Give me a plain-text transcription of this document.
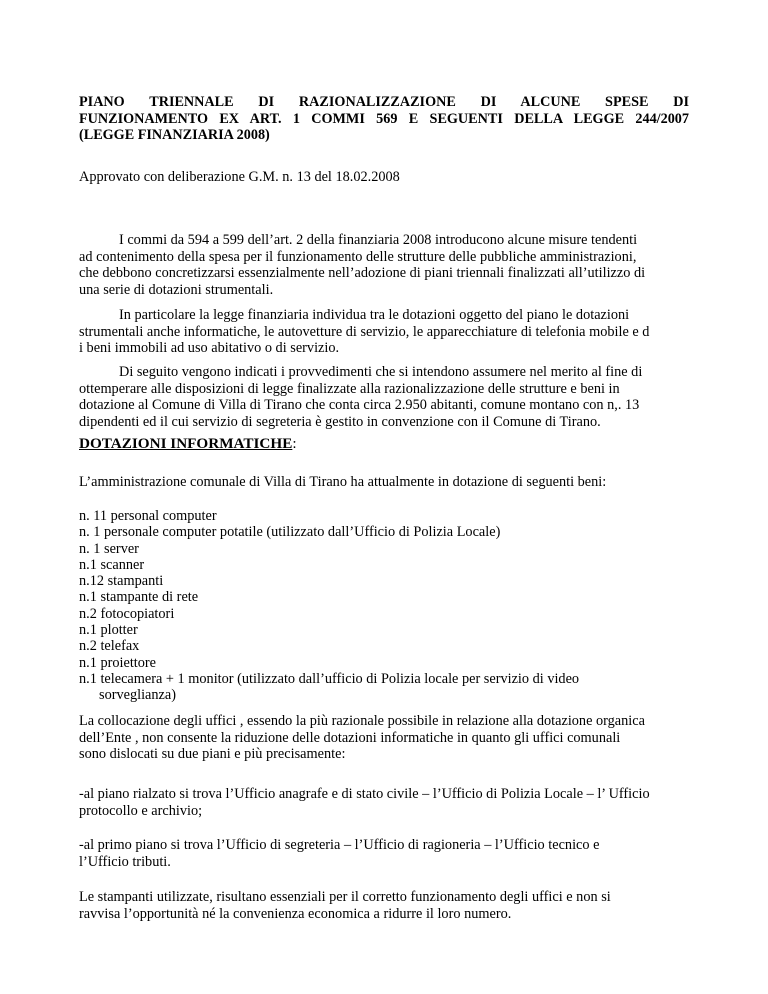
PIANO TRIENNALE DI RAZIONALIZZAZIONE DI ALCUNE SPESE DI
FUNZIONAMENTO EX ART. 1 COMMI 569 E SEGUENTI DELLA LEGGE 244/2007
(LEGGE FINANZIARIA 2008)
Approvato con deliberazione G.M. n. 13 del 18.02.2008
I commi da 594 a 599 dell’art. 2 della finanziaria 2008 introducono alcune misure tendenti
ad contenimento della spesa per il funzionamento delle strutture delle pubbliche amministrazioni,
che debbono concretizzarsi essenzialmente nell’adozione di piani triennali finalizzati all’utilizzo di
una serie di dotazioni strumentali.
In particolare la legge finanziaria individua tra le dotazioni oggetto del piano le dotazioni
strumentali anche informatiche, le autovetture di servizio, le apparecchiature di telefonia mobile e d
i beni immobili ad uso abitativo o di servizio.
Di seguito vengono indicati i provvedimenti che si intendono assumere nel merito al fine di
ottemperare alle disposizioni di legge finalizzate alla razionalizzazione delle strutture e beni in
dotazione al Comune di Villa di Tirano che conta circa 2.950 abitanti, comune montano con n,. 13
dipendenti ed il cui servizio di segreteria è gestito in convenzione con il Comune di Tirano.
DOTAZIONI INFORMATICHE:
L’amministrazione comunale di Villa di Tirano ha attualmente in dotazione di seguenti beni:
n. 11 personal computer
n. 1 personale computer potatile (utilizzato dall’Ufficio di Polizia Locale)
n. 1 server
n.1 scanner
n.12 stampanti
n.1 stampante di rete
n.2 fotocopiatori
n.1 plotter
n.2 telefax
n.1 proiettore
n.1 telecamera + 1 monitor (utilizzato dall’ufficio di Polizia locale per servizio di video
sorveglianza)
La collocazione degli uffici , essendo la più razionale possibile in relazione alla dotazione organica
dell’Ente , non consente la riduzione delle dotazioni informatiche in quanto gli uffici comunali
sono dislocati su due piani e più precisamente:
-al piano rialzato si trova l’Ufficio anagrafe e di stato civile – l’Ufficio di Polizia Locale – l’ Ufficio
protocollo e archivio;
-al primo piano si trova l’Ufficio di segreteria – l’Ufficio di ragioneria – l’Ufficio tecnico e
l’Ufficio tributi.
Le stampanti utilizzate, risultano essenziali per il corretto funzionamento degli uffici e non si
ravvisa l’opportunità né la convenienza economica a ridurre il loro numero.
